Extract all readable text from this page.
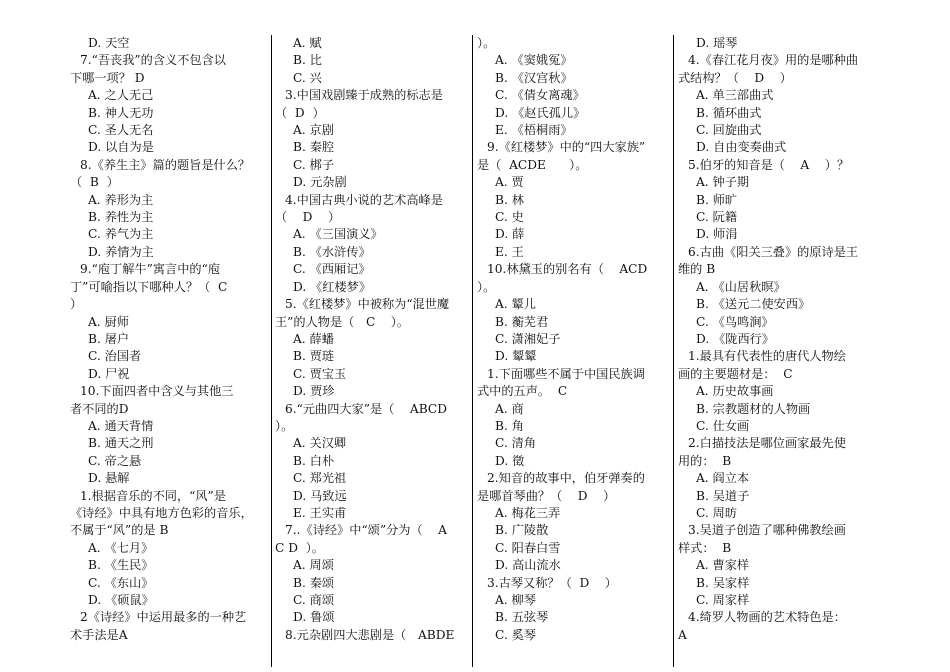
D. 天空
7.“吾丧我”的含义不包含以
下哪一项？ D
A. 之人无己
B. 神人无功
C. 圣人无名
D. 以自为是
8.《养生主》篇的题旨是什么？
（  B  ）
A. 养形为主
B. 养性为主
C. 养气为主
D. 养情为主
9.“庖丁解牛”寓言中的“庖
丁”可喻指以下哪种人？（  C
）
A. 厨师
B. 屠户
C. 治国者
D. 尸祝
10.下面四者中含义与其他三
者不同的D
A. 通天背情
B. 通天之刑
C. 帝之悬
D. 悬解
1.根据音乐的不同，“风”是
《诗经》中具有地方色彩的音乐，
不属于“风”的是 B
A. 《七月》
B. 《生民》
C. 《东山》
D. 《硕鼠》
2《诗经》中运用最多的一种艺
术手法是A
A. 赋
B. 比
C. 兴
3.中国戏剧臻于成熟的标志是
（  D  ）
A. 京剧
B. 秦腔
C. 梆子
D. 元杂剧
4.中国古典小说的艺术高峰是
（    D    ）
A. 《三国演义》
B. 《水浒传》
C. 《西厢记》
D. 《红楼梦》
5.《红楼梦》中被称为“混世魔
王”的人物是（   C    ）。
A. 薛蟠
B. 贾琏
C. 贾宝玉
D. 贾珍
6.“元曲四大家”是（    ABCD
）。
A. 关汉卿
B. 白朴
C. 郑光祖
D. 马致远
E. 王实甫
7..《诗经》中“颂”分为（    A
C D  ）。
A. 周颂
B. 秦颂
C. 商颂
D. 鲁颂
8.元杂剧四大悲剧是（   ABDE
）。
A. 《窦娥冤》
B. 《汉宫秋》
C. 《倩女离魂》
D. 《赵氏孤儿》
E. 《梧桐雨》
9.《红楼梦》中的“四大家族”
是（  ACDE      ）。
A. 贾
B. 林
C. 史
D. 薛
E. 王
10.林黛玉的别名有（    ACD
）。
A. 颦儿
B. 蘅芜君
C. 潇湘妃子
D. 颦颦
1.下面哪些不属于中国民族调
式中的五声。  C
A. 商
B. 角
C. 清角
D. 徵
2.知音的故事中，伯牙弹奏的
是哪首琴曲？（    D    ）
A. 梅花三弄
B. 广陵散
C. 阳春白雪
D. 高山流水
3.古琴又称？（  D    ）
A. 柳琴
B. 五弦琴
C. 奚琴
D. 瑶琴
4.《春江花月夜》用的是哪种曲
式结构？（    D    ）
A. 单三部曲式
B. 循环曲式
C. 回旋曲式
D. 自由变奏曲式
5.伯牙的知音是（    A    ）？
A. 钟子期
B. 师旷
C. 阮籍
D. 师涓
6.古曲《阳关三叠》的原诗是王
维的 B
A. 《山居秋暝》
B. 《送元二使安西》
C. 《鸟鸣涧》
D. 《陇西行》
1.最具有代表性的唐代人物绘
画的主要题材是：  C
A. 历史故事画
B. 宗教题材的人物画
C. 仕女画
2.白描技法是哪位画家最先使
用的：  B
A. 阎立本
B. 吴道子
C. 周昉
3.吴道子创造了哪种佛教绘画
样式：  B
A. 曹家样
B. 吴家样
C. 周家样
4.绮罗人物画的艺术特色是：
A
